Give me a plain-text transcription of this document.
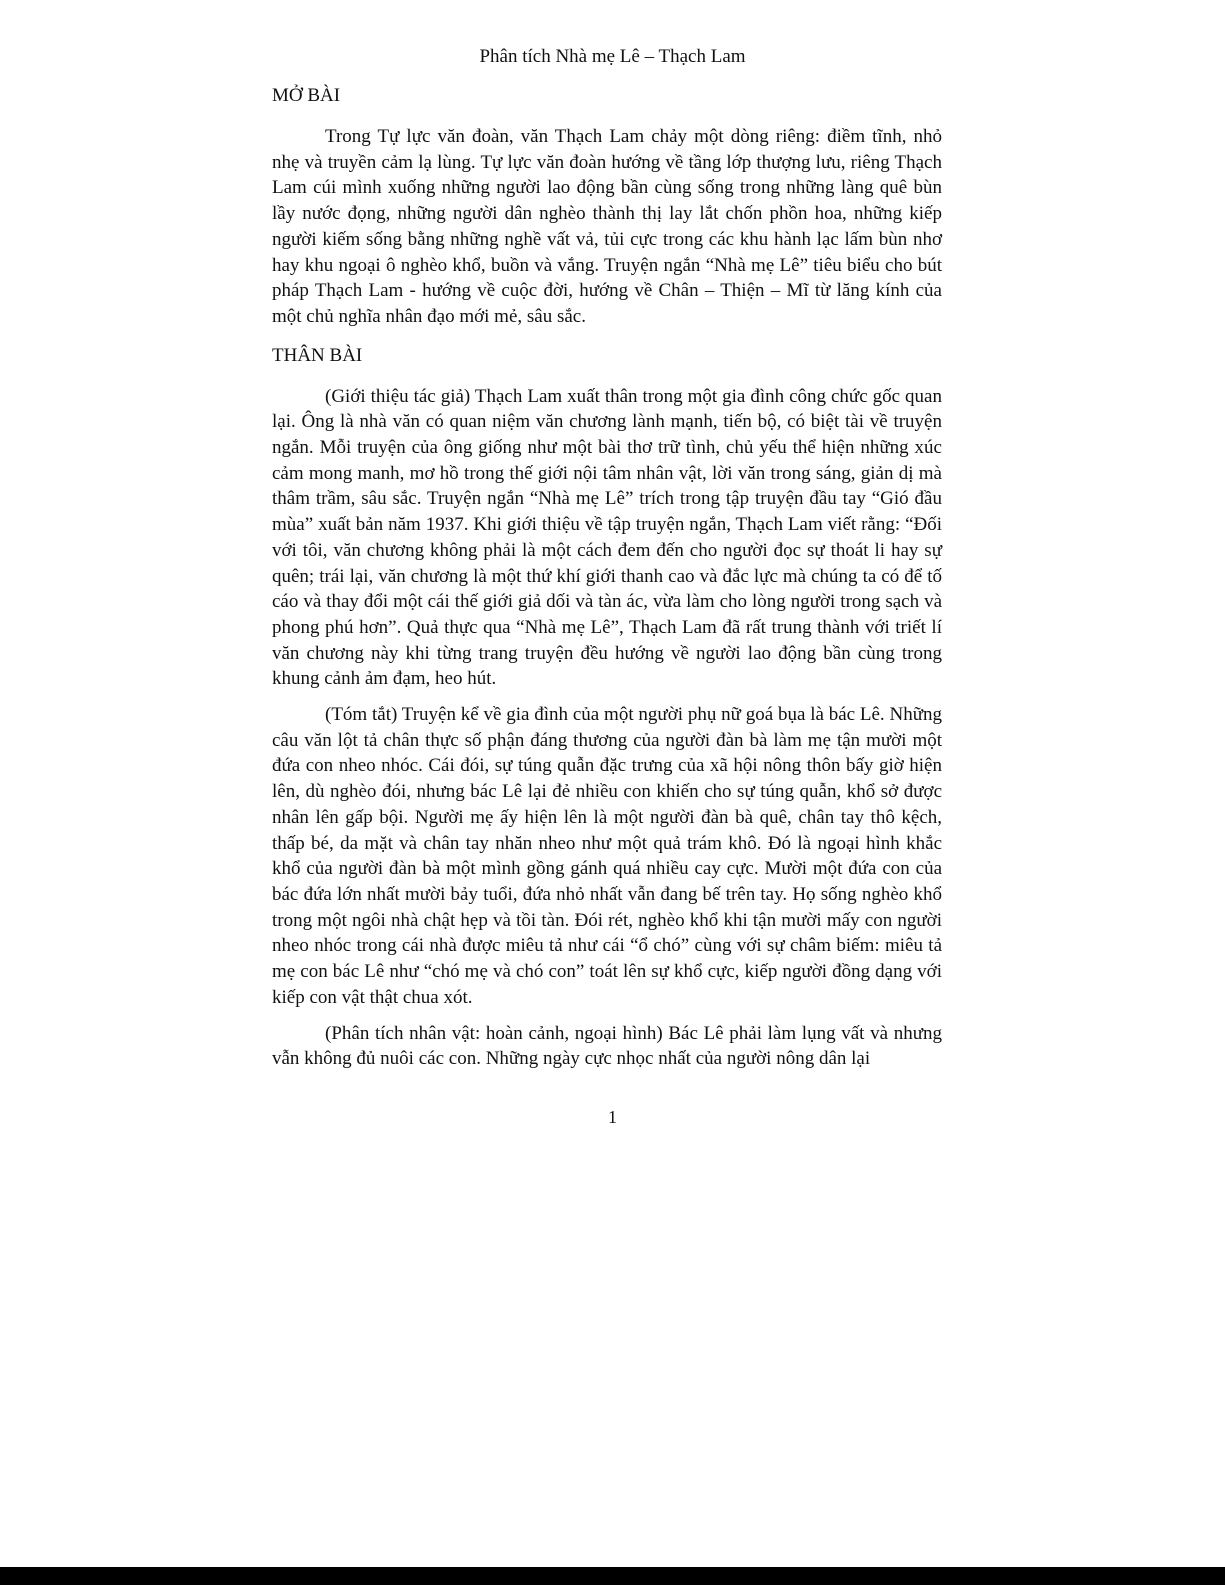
Phân tích Nhà mẹ Lê – Thạch Lam
MỞ BÀI

Trong Tự lực văn đoàn, văn Thạch Lam chảy một dòng riêng: điềm tĩnh, nhỏ nhẹ và truyền cảm lạ lùng. Tự lực văn đoàn hướng về tầng lớp thượng lưu, riêng Thạch Lam cúi mình xuống những người lao động bần cùng sống trong những làng quê bùn lầy nước đọng, những người dân nghèo thành thị lay lắt chốn phồn hoa, những kiếp người kiếm sống bằng những nghề vất vả, tủi cực trong các khu hành lạc lấm bùn nhơ hay khu ngoại ô nghèo khổ, buồn và vắng. Truyện ngắn “Nhà mẹ Lê” tiêu biểu cho bút pháp Thạch Lam - hướng về cuộc đời, hướng về Chân – Thiện – Mĩ từ lăng kính của một chủ nghĩa nhân đạo mới mẻ, sâu sắc.

THÂN BÀI

(Giới thiệu tác giả) Thạch Lam xuất thân trong một gia đình công chức gốc quan lại. Ông là nhà văn có quan niệm văn chương lành mạnh, tiến bộ, có biệt tài về truyện ngắn. Mỗi truyện của ông giống như một bài thơ trữ tình, chủ yếu thể hiện những xúc cảm mong manh, mơ hồ trong thế giới nội tâm nhân vật, lời văn trong sáng, giản dị mà thâm trầm, sâu sắc. Truyện ngắn “Nhà mẹ Lê” trích trong tập truyện đầu tay “Gió đầu mùa” xuất bản năm 1937. Khi giới thiệu về tập truyện ngắn, Thạch Lam viết rằng: “Đối với tôi, văn chương không phải là một cách đem đến cho người đọc sự thoát li hay sự quên; trái lại, văn chương là một thứ khí giới thanh cao và đắc lực mà chúng ta có để tố cáo và thay đổi một cái thế giới giả dối và tàn ác, vừa làm cho lòng người trong sạch và phong phú hơn”. Quả thực qua “Nhà mẹ Lê”, Thạch Lam đã rất trung thành với triết lí văn chương này khi từng trang truyện đều hướng về người lao động bần cùng trong khung cảnh ảm đạm, heo hút.

(Tóm tắt) Truyện kể về gia đình của một người phụ nữ goá bụa là bác Lê. Những câu văn lột tả chân thực số phận đáng thương của người đàn bà làm mẹ tận mười một đứa con nheo nhóc. Cái đói, sự túng quẫn đặc trưng của xã hội nông thôn bấy giờ hiện lên, dù nghèo đói, nhưng bác Lê lại đẻ nhiều con khiến cho sự túng quẫn, khổ sở được nhân lên gấp bội. Người mẹ ấy hiện lên là một người đàn bà quê, chân tay thô kệch, thấp bé, da mặt và chân tay nhăn nheo như một quả trám khô. Đó là ngoại hình khắc khổ của người đàn bà một mình gồng gánh quá nhiều cay cực. Mười một đứa con của bác đứa lớn nhất mười bảy tuổi, đứa nhỏ nhất vẫn đang bế trên tay. Họ sống nghèo khổ trong một ngôi nhà chật hẹp và tồi tàn. Đói rét, nghèo khổ khi tận mười mấy con người nheo nhóc trong cái nhà được miêu tả như cái “ổ chó” cùng với sự châm biếm: miêu tả mẹ con bác Lê như “chó mẹ và chó con” toát lên sự khổ cực, kiếp người đồng dạng với kiếp con vật thật chua xót.

(Phân tích nhân vật: hoàn cảnh, ngoại hình) Bác Lê phải làm lụng vất và nhưng vẫn không đủ nuôi các con. Những ngày cực nhọc nhất của người nông dân lại

1
